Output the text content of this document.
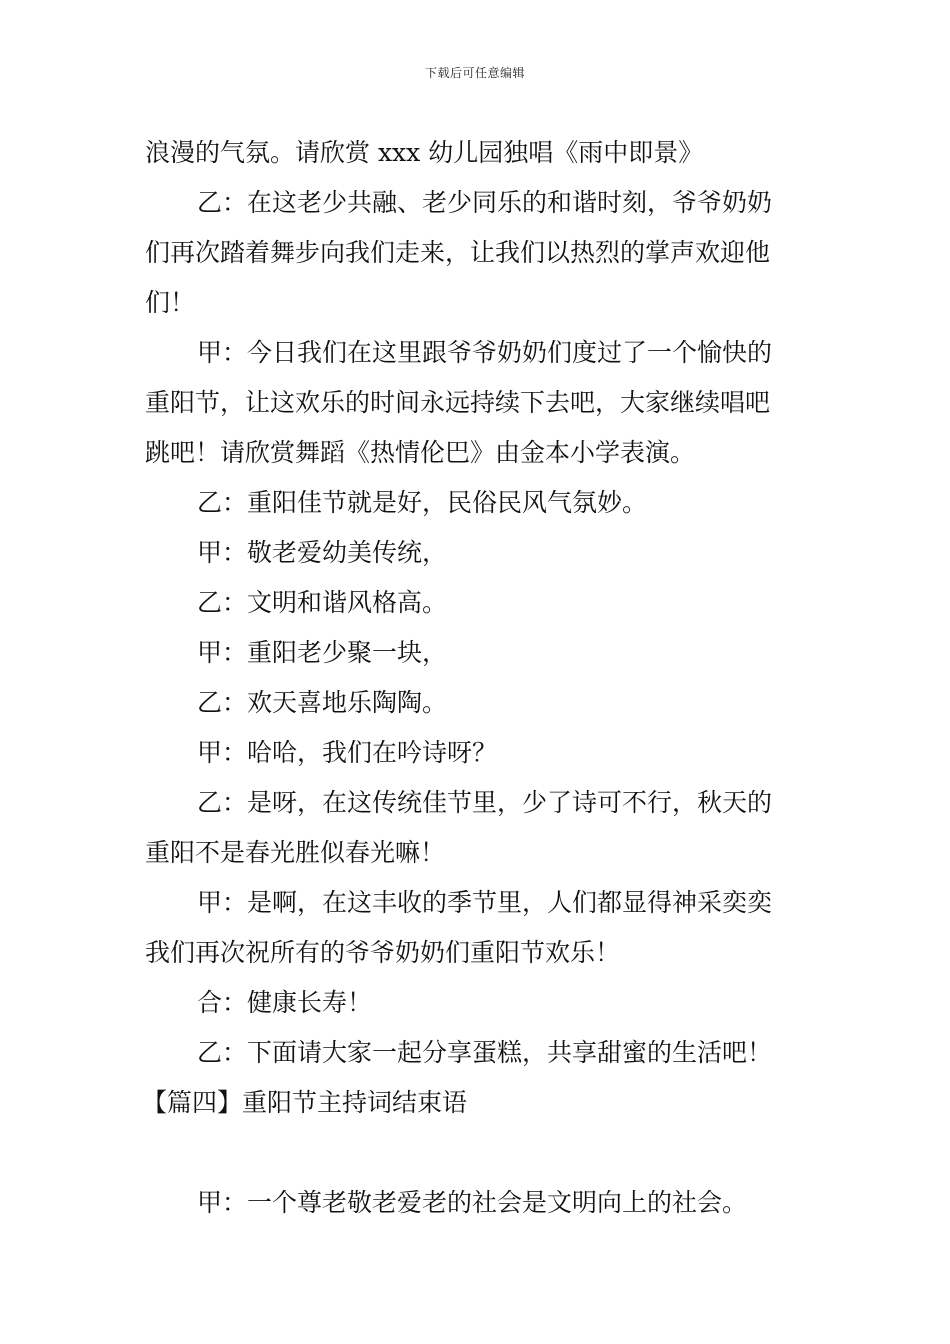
下载后可任意编辑

浪漫的气氛。请欣赏 xxx 幼儿园独唱《雨中即景》

乙：在这老少共融、老少同乐的和谐时刻，爷爷奶奶

们再次踏着舞步向我们走来，让我们以热烈的掌声欢迎他

们！

甲：今日我们在这里跟爷爷奶奶们度过了一个愉快的

重阳节，让这欢乐的时间永远持续下去吧，大家继续唱吧

跳吧！请欣赏舞蹈《热情伦巴》由金本小学表演。

乙：重阳佳节就是好，民俗民风气氛妙。

甲：敬老爱幼美传统，

乙：文明和谐风格高。

甲：重阳老少聚一块，

乙：欢天喜地乐陶陶。

甲：哈哈，我们在吟诗呀？

乙：是呀，在这传统佳节里，少了诗可不行，秋天的

重阳不是春光胜似春光嘛！

甲：是啊，在这丰收的季节里，人们都显得神采奕奕

我们再次祝所有的爷爷奶奶们重阳节欢乐！

合：健康长寿！

乙：下面请大家一起分享蛋糕，共享甜蜜的生活吧！

【篇四】重阳节主持词结束语

甲：一个尊老敬老爱老的社会是文明向上的社会。
